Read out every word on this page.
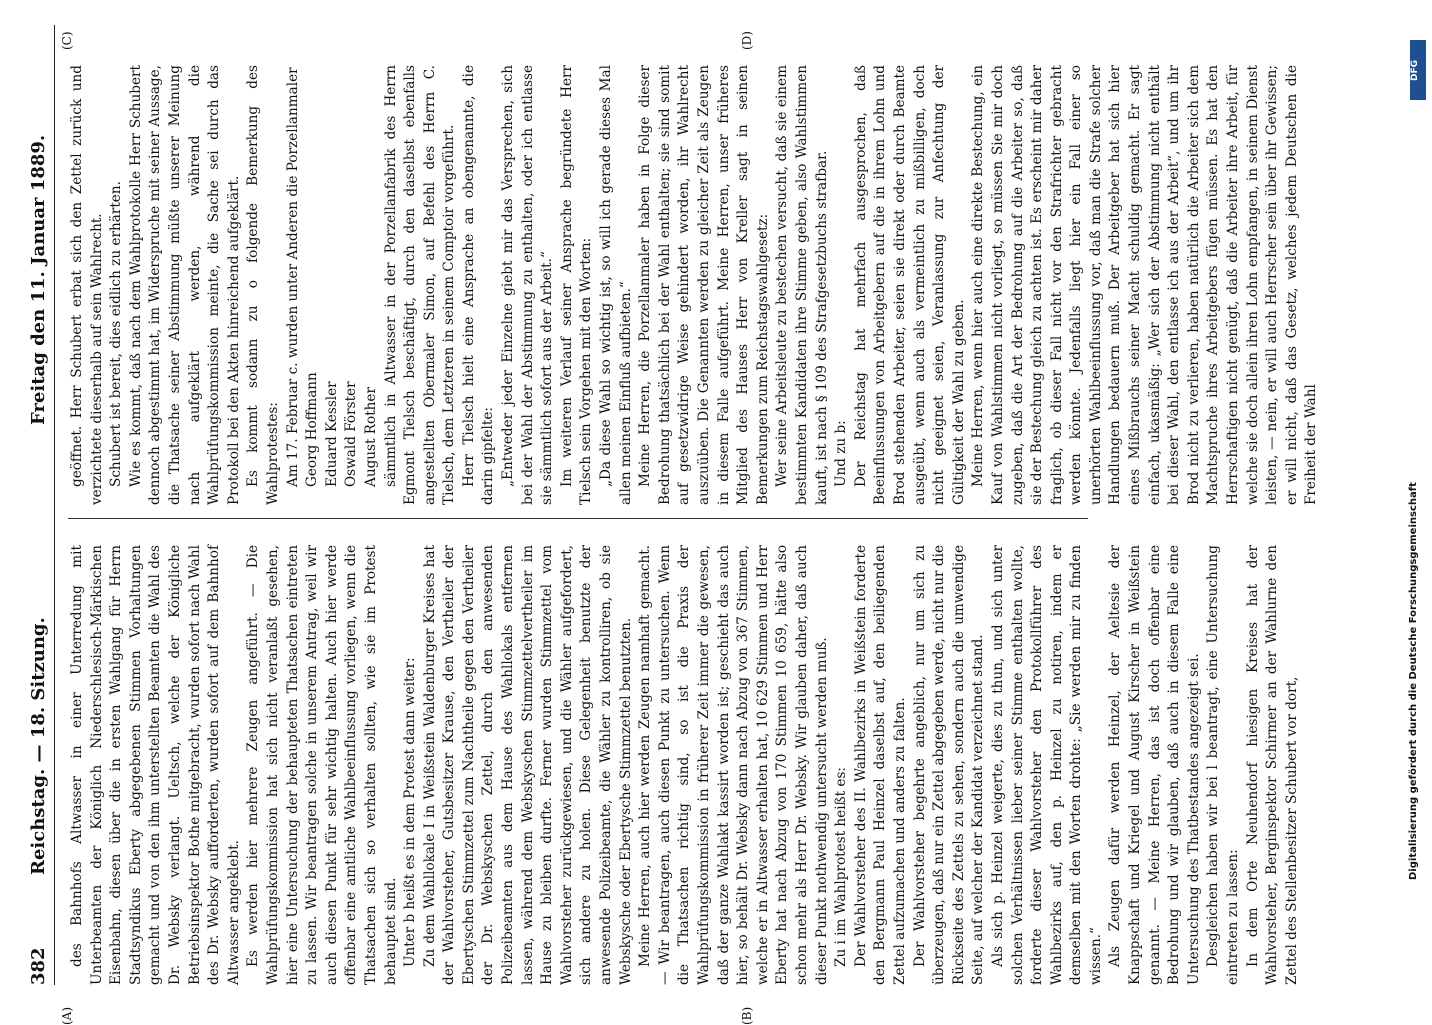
382
Reichstag. — 18. Sitzung.
Freitag den 11. Januar 1889.

des Bahnhofs Altwasser in einer Unterredung mit Unterbeamten der Königlich Niederschlesisch-Märkischen Eisenbahn, diesen über die in ersten Wahlgang für Herrn Stadtsyndikus Eberty abgegebenen Stimmen Vorhaltungen gemacht und von den ihm unterstellten Beamten die Wahl des Dr. Websky verlangt. Ueltsch, welche der Königliche Betriebsinspektor Bothe mitgebracht, wurden sofort nach Wahl des Dr. Websky aufforderten, wurden sofort auf dem Bahnhof Altwasser angeklebt. Es werden hier mehrere Zeugen angeführt. — Die Wahlprüfungskommission hat sich nicht veranlaßt gesehen, hier eine Untersuchung der behaupteten Thatsachen eintreten zu lassen. Wir beantragen solche in unserem Antrag, weil wir auch diesen Punkt für sehr wichtig halten. Auch hier werde offenbar eine amtliche Wahlbeeinflussung vorliegen, wenn die Thatsachen sich so verhalten sollten, wie sie im Protest behauptet sind. Unter b heißt es in dem Protest dann weiter: Zu dem Wahllokale I in Weißstein Waldenburger Kreises hat der Wahlvorsteher, Gutsbesitzer Krause, den Vertheiler der Ebertyschen Stimmzettel zum Nachtheile gegen den Vertheiler der Dr. Webskyschen Zettel, durch den anwesenden Polizeibeamten aus dem Hause des Wahllokals entfernen lassen, während dem Webskyschen Stimmzettelvertheiler im Hause zu bleiben durfte. Ferner wurden Stimmzettel vom Wahlvorsteher zurückgewiesen, und die Wähler aufgefordert, sich andere zu holen. Diese Gelegenheit benutzte der anwesende Polizeibeamte, die Wähler zu kontrolliren, ob sie Webskysche oder Ebertysche Stimmzettel benutzten. Meine Herren, auch hier werden Zeugen namhaft gemacht. — Wir beantragen, auch diesen Punkt zu untersuchen. Wenn die Thatsachen richtig sind, so ist die Praxis der Wahlprüfungskommission in früherer Zeit immer die gewesen, daß der ganze Wahlakt kassirt worden ist; geschieht das auch hier, so behält Dr. Websky dann nach Abzug von 367 Stimmen, welche er in Altwasser erhalten hat, 10 629 Stimmen und Herr Eberty hat nach Abzug von 170 Stimmen 10 659, hätte also schon mehr als Herr Dr. Websky. Wir glauben daher, daß auch dieser Punkt nothwendig untersucht werden muß. Zu i im Wahlprotest heißt es: Der Wahlvorsteher des II. Wahlbezirks in Weißstein forderte den Bergmann Paul Heinzel daselbst auf, den beiliegenden Zettel aufzumachen und anders zu falten. Der Wahlvorsteher begehrte angeblich, nur um sich zu überzeugen, daß nur ein Zettel abgegeben werde, nicht nur die Rückseite des Zettels zu sehen, sondern auch die umwendige Seite, auf welcher der Kandidat verzeichnet stand. Als sich p. Heinzel weigerte, dies zu thun, und sich unter solchen Verhältnissen lieber seiner Stimme enthalten wollte, forderte dieser Wahlvorsteher den Protokollführer des Wahlbezirks auf, den p. Heinzel zu notiren, indem er demselben mit den Worten drohte: „Sie werden mir zu finden wissen.“ Als Zeugen dafür werden Heinzel, der Aeltesie der Knappschaft und Kriegel und August Kirscher in Weißstein genannt. — Meine Herren, das ist doch offenbar eine Bedrohung und wir glauben, daß auch in diesem Falle eine Untersuchung des Thatbestandes angezeigt sei. Desgleichen haben wir bei l beantragt, eine Untersuchung eintreten zu lassen: In dem Orte Neuhendorf hiesigen Kreises hat der Wahlvorsteher, Berginspektor Schirmer an der Wahlurne den Zettel des Stellenbesitzer Schubert vor dort,

geöffnet. Herr Schubert erbat sich den Zettel zurück und verzichtete dieserhalb auf sein Wahlrecht. Schubert ist bereit, dies eidlich zu erhärten. Wie es kommt, daß nach dem Wahlprotokolle Herr Schubert dennoch abgestimmt hat, im Widerspruche mit seiner Aussage, die Thatsache seiner Abstimmung müßte unserer Meinung nach aufgeklärt werden, während die Wahlprüfungskommission meinte, die Sache sei durch das Protokoll bei den Akten hinreichend aufgeklärt. Es kommt sodann zu o folgende Bemerkung des Wahlprotestes: Am 17. Februar c. wurden unter Anderen die Porzellanmaler Georg Hoffmann Eduard Kessler Oswald Förster August Rother sämmtlich in Altwasser in der Porzellanfabrik des Herrn Egmont Tielsch beschäftigt, durch den daselbst ebenfalls angestellten Obermaler Simon, auf Befehl des Herrn C. Tielsch, dem Letzteren in seinem Comptoir vorgeführt. Herr Tielsch hielt eine Ansprache an obengenannte, die darin gipfelte: „Entweder jeder Einzelne giebt mir das Versprechen, sich bei der Wahl der Abstimmung zu enthalten, oder ich entlasse sie sämmtlich sofort aus der Arbeit.“ Im weiteren Verlauf seiner Ansprache begründete Herr Tielsch sein Vorgehen mit den Worten: „Da diese Wahl so wichtig ist, so will ich gerade dieses Mal allen meinen Einfluß aufbieten.“ Meine Herren, die Porzellanmaler haben in Folge dieser Bedrohung thatsächlich bei der Wahl enthalten; sie sind somit auf gesetzwidrige Weise gehindert worden, ihr Wahlrecht auszuüben. Die Genannten werden zu gleicher Zeit als Zeugen in diesem Falle aufgeführt. Meine Herren, unser früheres Mitglied des Hauses Herr von Kreller sagt in seinen Bemerkungen zum Reichstagswahlgesetz: Wer seine Arbeitsleute zu bestechen versucht, daß sie einem bestimmten Kandidaten ihre Stimme geben, also Wahlstimmen kauft, ist nach § 109 des Strafgesetzbuchs strafbar. Und zu b: Der Reichstag hat mehrfach ausgesprochen, daß Beeinflussungen von Arbeitgebern auf die in ihrem Lohn und Brod stehenden Arbeiter, seien sie direkt oder durch Beamte ausgeübt, wenn auch als vermeintlich zu mißbilligen, doch nicht geeignet seien, Veranlassung zur Anfechtung der Gültigkeit der Wahl zu geben. Meine Herren, wenn hier auch eine direkte Bestechung, ein Kauf von Wahlstimmen nicht vorliegt, so müssen Sie mir doch zugeben, daß die Art der Bedrohung auf die Arbeiter so, daß sie der Bestechung gleich zu achten ist. Es erscheint mir daher fraglich, ob dieser Fall nicht vor den Strafrichter gebracht werden könnte. Jedenfalls liegt hier ein Fall einer so unerhörten Wahlbeeinflussung vor, daß man die Strafe solcher Handlungen bedauern muß. Der Arbeitgeber hat sich hier eines Mißbrauchs seiner Macht schuldig gemacht. Er sagt einfach, ukasmäßig: „Wer sich der Abstimmung nicht enthält bei dieser Wahl, den entlasse ich aus der Arbeit“, und um ihr Brod nicht zu verlieren, haben natürlich die Arbeiter sich dem Machtspruche ihres Arbeitgebers fügen müssen. Es hat den Herrschaftigen nicht genügt, daß die Arbeiter ihre Arbeit, für welche sie doch allein ihren Lohn empfangen, in seinem Dienst leisten, — nein, er will auch Herrscher sein über ihr Gewissen; er will nicht, daß das Gesetz, welches jedem Deutschen die Freiheit der Wahl

(A)	(B)
(C)	(D)
DFG
Digitalisierung gefördert durch die Deutsche Forschungsgemeinschaft
